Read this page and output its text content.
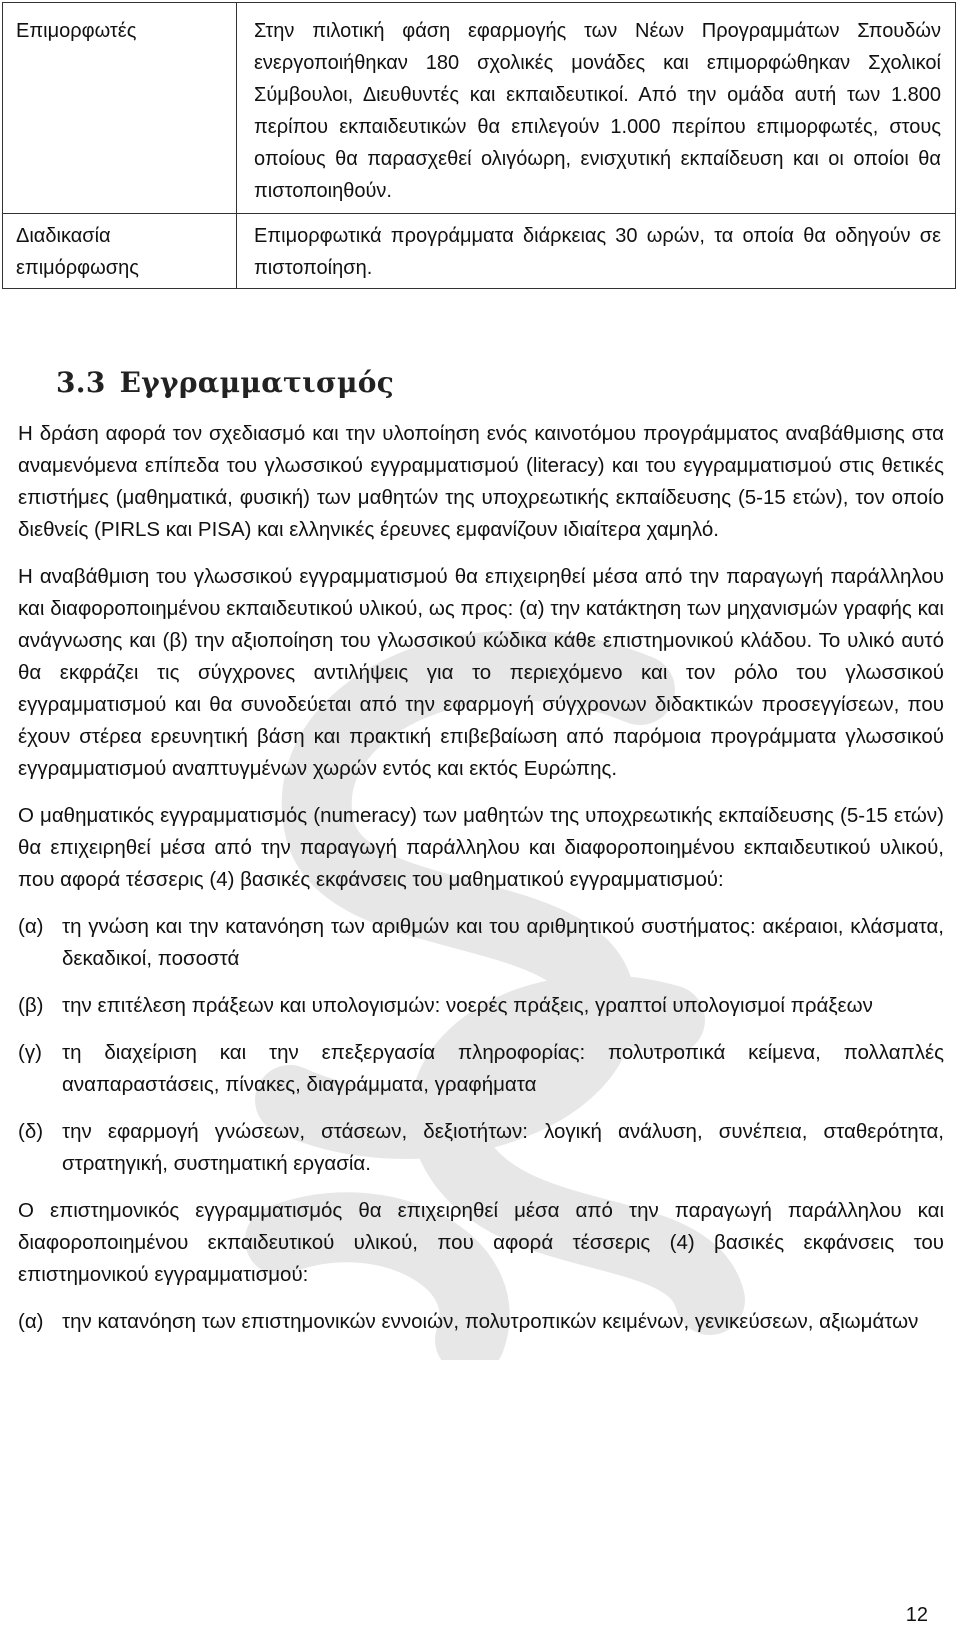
Επιμορφωτές	Στην πιλοτική φάση εφαρμογής των Νέων Προγραμμάτων Σπουδών ενεργοποιήθηκαν 180 σχολικές μονάδες και επιμορφώθηκαν Σχολικοί Σύμβουλοι, Διευθυντές και εκπαιδευτικοί. Από την ομάδα αυτή των 1.800 περίπου εκπαιδευτικών θα επιλεγούν 1.000 περίπου επιμορφωτές, στους οποίους θα παρασχεθεί ολιγόωρη, ενισχυτική εκπαίδευση και οι οποίοι θα πιστοποιηθούν.
Διαδικασία επιμόρφωσης	Επιμορφωτικά προγράμματα διάρκειας 30 ωρών, τα οποία θα οδηγούν σε πιστοποίηση.
3.3 Εγγραμματισμός

Η δράση αφορά τον σχεδιασμό και την υλοποίηση ενός καινοτόμου προγράμματος αναβάθμισης στα αναμενόμενα επίπεδα του γλωσσικού εγγραμματισμού (literacy) και του εγγραμματισμού στις θετικές επιστήμες (μαθηματικά, φυσική) των μαθητών της υποχρεωτικής εκπαίδευσης (5-15 ετών), τον οποίο διεθνείς (PIRLS και PISA) και ελληνικές έρευνες εμφανίζουν ιδιαίτερα χαμηλό.

Η αναβάθμιση του γλωσσικού εγγραμματισμού θα επιχειρηθεί μέσα από την παραγωγή παράλληλου και διαφοροποιημένου εκπαιδευτικού υλικού, ως προς: (α) την κατάκτηση των μηχανισμών γραφής και ανάγνωσης και (β) την αξιοποίηση του γλωσσικού κώδικα κάθε επιστημονικού κλάδου. Το υλικό αυτό θα εκφράζει τις σύγχρονες αντιλήψεις για το περιεχόμενο και τον ρόλο του γλωσσικού εγγραμματισμού και θα συνοδεύεται από την εφαρμογή σύγχρονων διδακτικών προσεγγίσεων, που έχουν στέρεα ερευνητική βάση και πρακτική επιβεβαίωση από παρόμοια προγράμματα γλωσσικού εγγραμματισμού αναπτυγμένων χωρών εντός και εκτός Ευρώπης.

Ο μαθηματικός εγγραμματισμός (numeracy) των μαθητών της υποχρεωτικής εκπαίδευσης (5-15 ετών) θα επιχειρηθεί μέσα από την παραγωγή παράλληλου και διαφοροποιημένου εκπαιδευτικού υλικού, που αφορά τέσσερις (4) βασικές εκφάνσεις του μαθηματικού εγγραμματισμού:

(α) τη γνώση και την κατανόηση των αριθμών και του αριθμητικού συστήματος: ακέραιοι, κλάσματα, δεκαδικοί, ποσοστά
(β) την επιτέλεση πράξεων και υπολογισμών: νοερές πράξεις, γραπτοί υπολογισμοί πράξεων
(γ) τη διαχείριση και την επεξεργασία πληροφορίας: πολυτροπικά κείμενα, πολλαπλές αναπαραστάσεις, πίνακες, διαγράμματα, γραφήματα
(δ) την εφαρμογή γνώσεων, στάσεων, δεξιοτήτων: λογική ανάλυση, συνέπεια, σταθερότητα, στρατηγική, συστηματική εργασία.

Ο επιστημονικός εγγραμματισμός θα επιχειρηθεί μέσα από την παραγωγή παράλληλου και διαφοροποιημένου εκπαιδευτικού υλικού, που αφορά τέσσερις (4) βασικές εκφάνσεις του επιστημονικού εγγραμματισμού:

(α) την κατανόηση των επιστημονικών εννοιών, πολυτροπικών κειμένων, γενικεύσεων, αξιωμάτων
12
